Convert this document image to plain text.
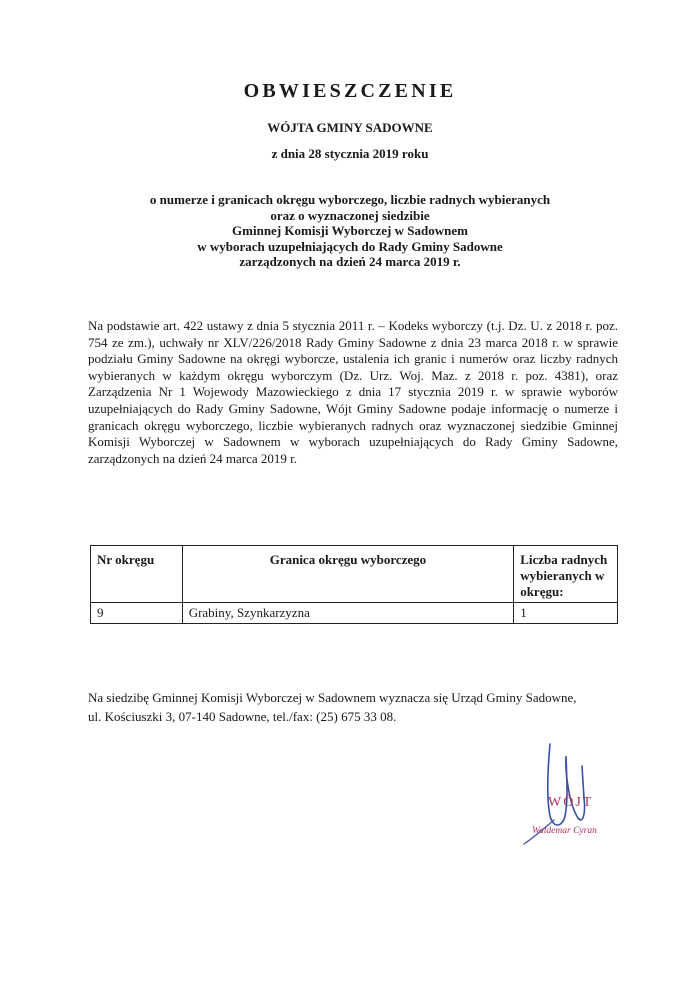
OBWIESZCZENIE
WÓJTA GMINY SADOWNE
z dnia 28 stycznia 2019 roku
o numerze i granicach okręgu wyborczego, liczbie radnych wybieranych
oraz o wyznaczonej siedzibie
Gminnej Komisji Wyborczej w Sadownem
w wyborach uzupełniających do Rady Gminy Sadowne
zarządzonych na dzień 24 marca 2019 r.
Na podstawie art. 422 ustawy z dnia 5 stycznia 2011 r. – Kodeks wyborczy (t.j. Dz. U. z 2018 r. poz. 754 ze zm.), uchwały nr XLV/226/2018 Rady Gminy Sadowne z dnia 23 marca 2018 r. w sprawie podziału Gminy Sadowne na okręgi wyborcze, ustalenia ich granic i numerów oraz liczby radnych wybieranych w każdym okręgu wyborczym (Dz. Urz. Woj. Maz. z 2018 r. poz. 4381), oraz Zarządzenia Nr 1 Wojewody Mazowieckiego z dnia 17 stycznia 2019 r. w sprawie wyborów uzupełniających do Rady Gminy Sadowne, Wójt Gminy Sadowne podaje informację o numerze i granicach okręgu wyborczego, liczbie wybieranych radnych oraz wyznaczonej siedzibie Gminnej Komisji Wyborczej w Sadownem w wyborach uzupełniających do Rady Gminy Sadowne, zarządzonych na dzień 24 marca 2019 r.
Nr okręgu	Granica okręgu wyborczego	Liczba radnych wybieranych w okręgu:

9	Grabiny, Szynkarzyzna	1
Na siedzibę Gminnej Komisji Wyborczej w Sadownem wyznacza się Urząd Gminy Sadowne,
ul. Kościuszki 3, 07-140 Sadowne, tel./fax: (25) 675 33 08.
WÓJT
Waldemar Cyran
